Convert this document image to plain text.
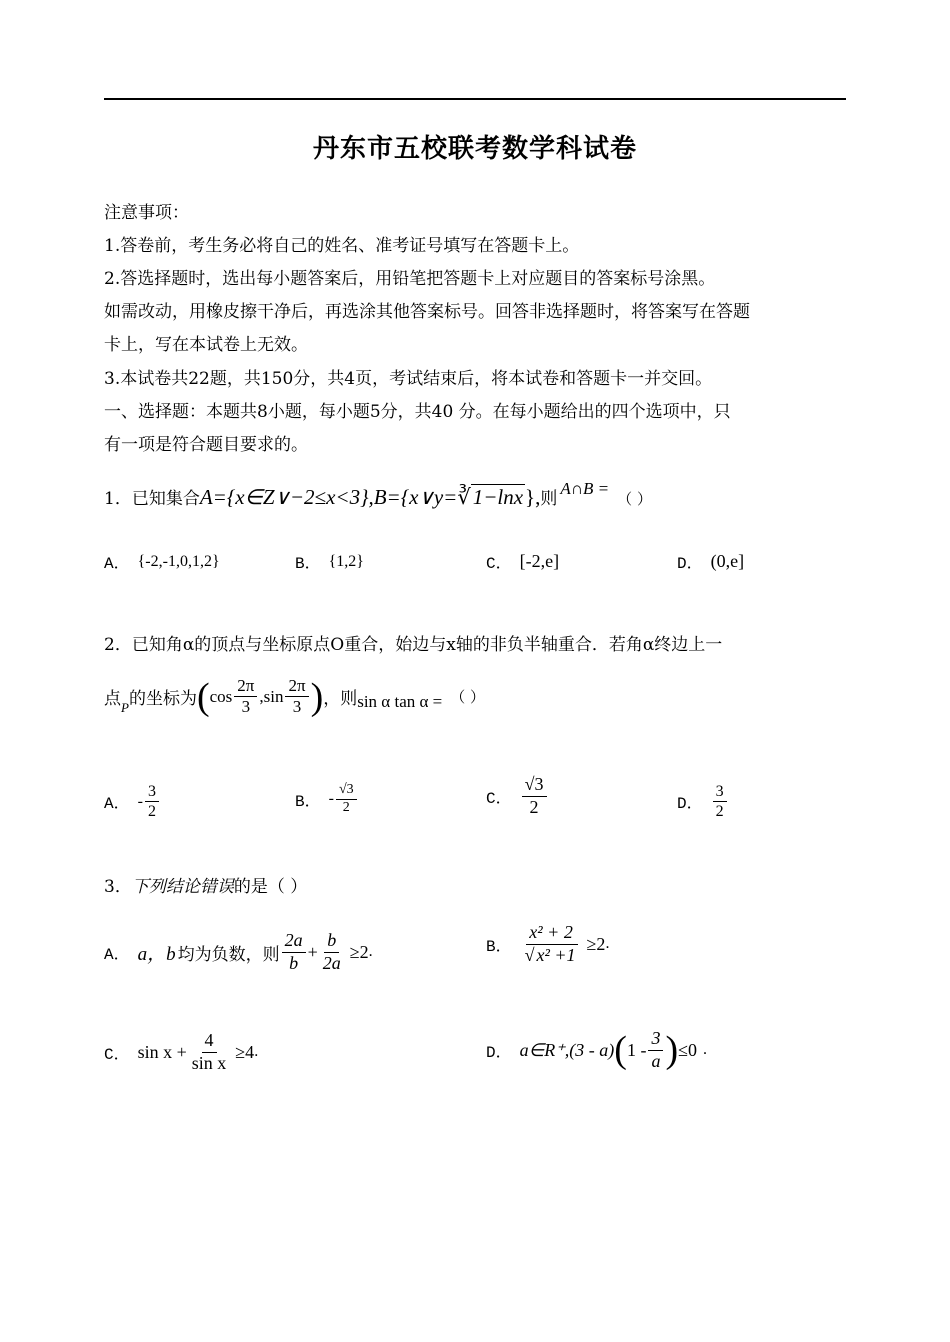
丹东市五校联考数学科试卷
注意事项：
1.答卷前，考生务必将自己的姓名、准考证号填写在答题卡上。
2.答选择题时，选出每小题答案后，用铅笔把答题卡上对应题目的答案标号涂黑。
如需改动，用橡皮擦干净后，再选涂其他答案标号。回答非选择题时，将答案写在答题
卡上，写在本试卷上无效。
3.本试卷共22题，共150分，共4页，考试结束后，将本试卷和答题卡一并交回。
一、选择题：本题共8小题，每小题5分，共40 分。在每小题给出的四个选项中，只
有一项是符合题目要求的。
1．已知集合A={x∈Z∨−2≤x<3},B={x∨y=∛1−lnx},则A∩B =（ ）
A． {-2,-1,0,1,2}	B． {1,2}	C． [-2,e]	D． (0,e]
2．已知角α的顶点与坐标原点O重合，始边与x轴的非负半轴重合．若角α终边上一
点$_P$ 的坐标为 ( $\cos \frac{2\pi}{3} ,\sin \frac{2\pi}{3}$ ) ，则 sin α tan α = （ ）
A． - $\frac{3}{2}$	B． - $\frac{√3}{2}$	C． $\frac{√3}{2}$	D． $\frac{3}{2}$
3．下列结论错误的是（ ）
A． a，b 均为负数，则 $\frac{2a}{b} + \frac{b}{2a} \ge 2$ .	B． $\frac{\text{x² + 2}}{\text{√ x² +1}} \ge 2$ .
C． $\sin x + \frac{4}{\text{sin x}} \ge 4$ .	D． a∈R⁺,(3 - a) ( $1 - \frac{3}{a}$ ) ≤0 .
